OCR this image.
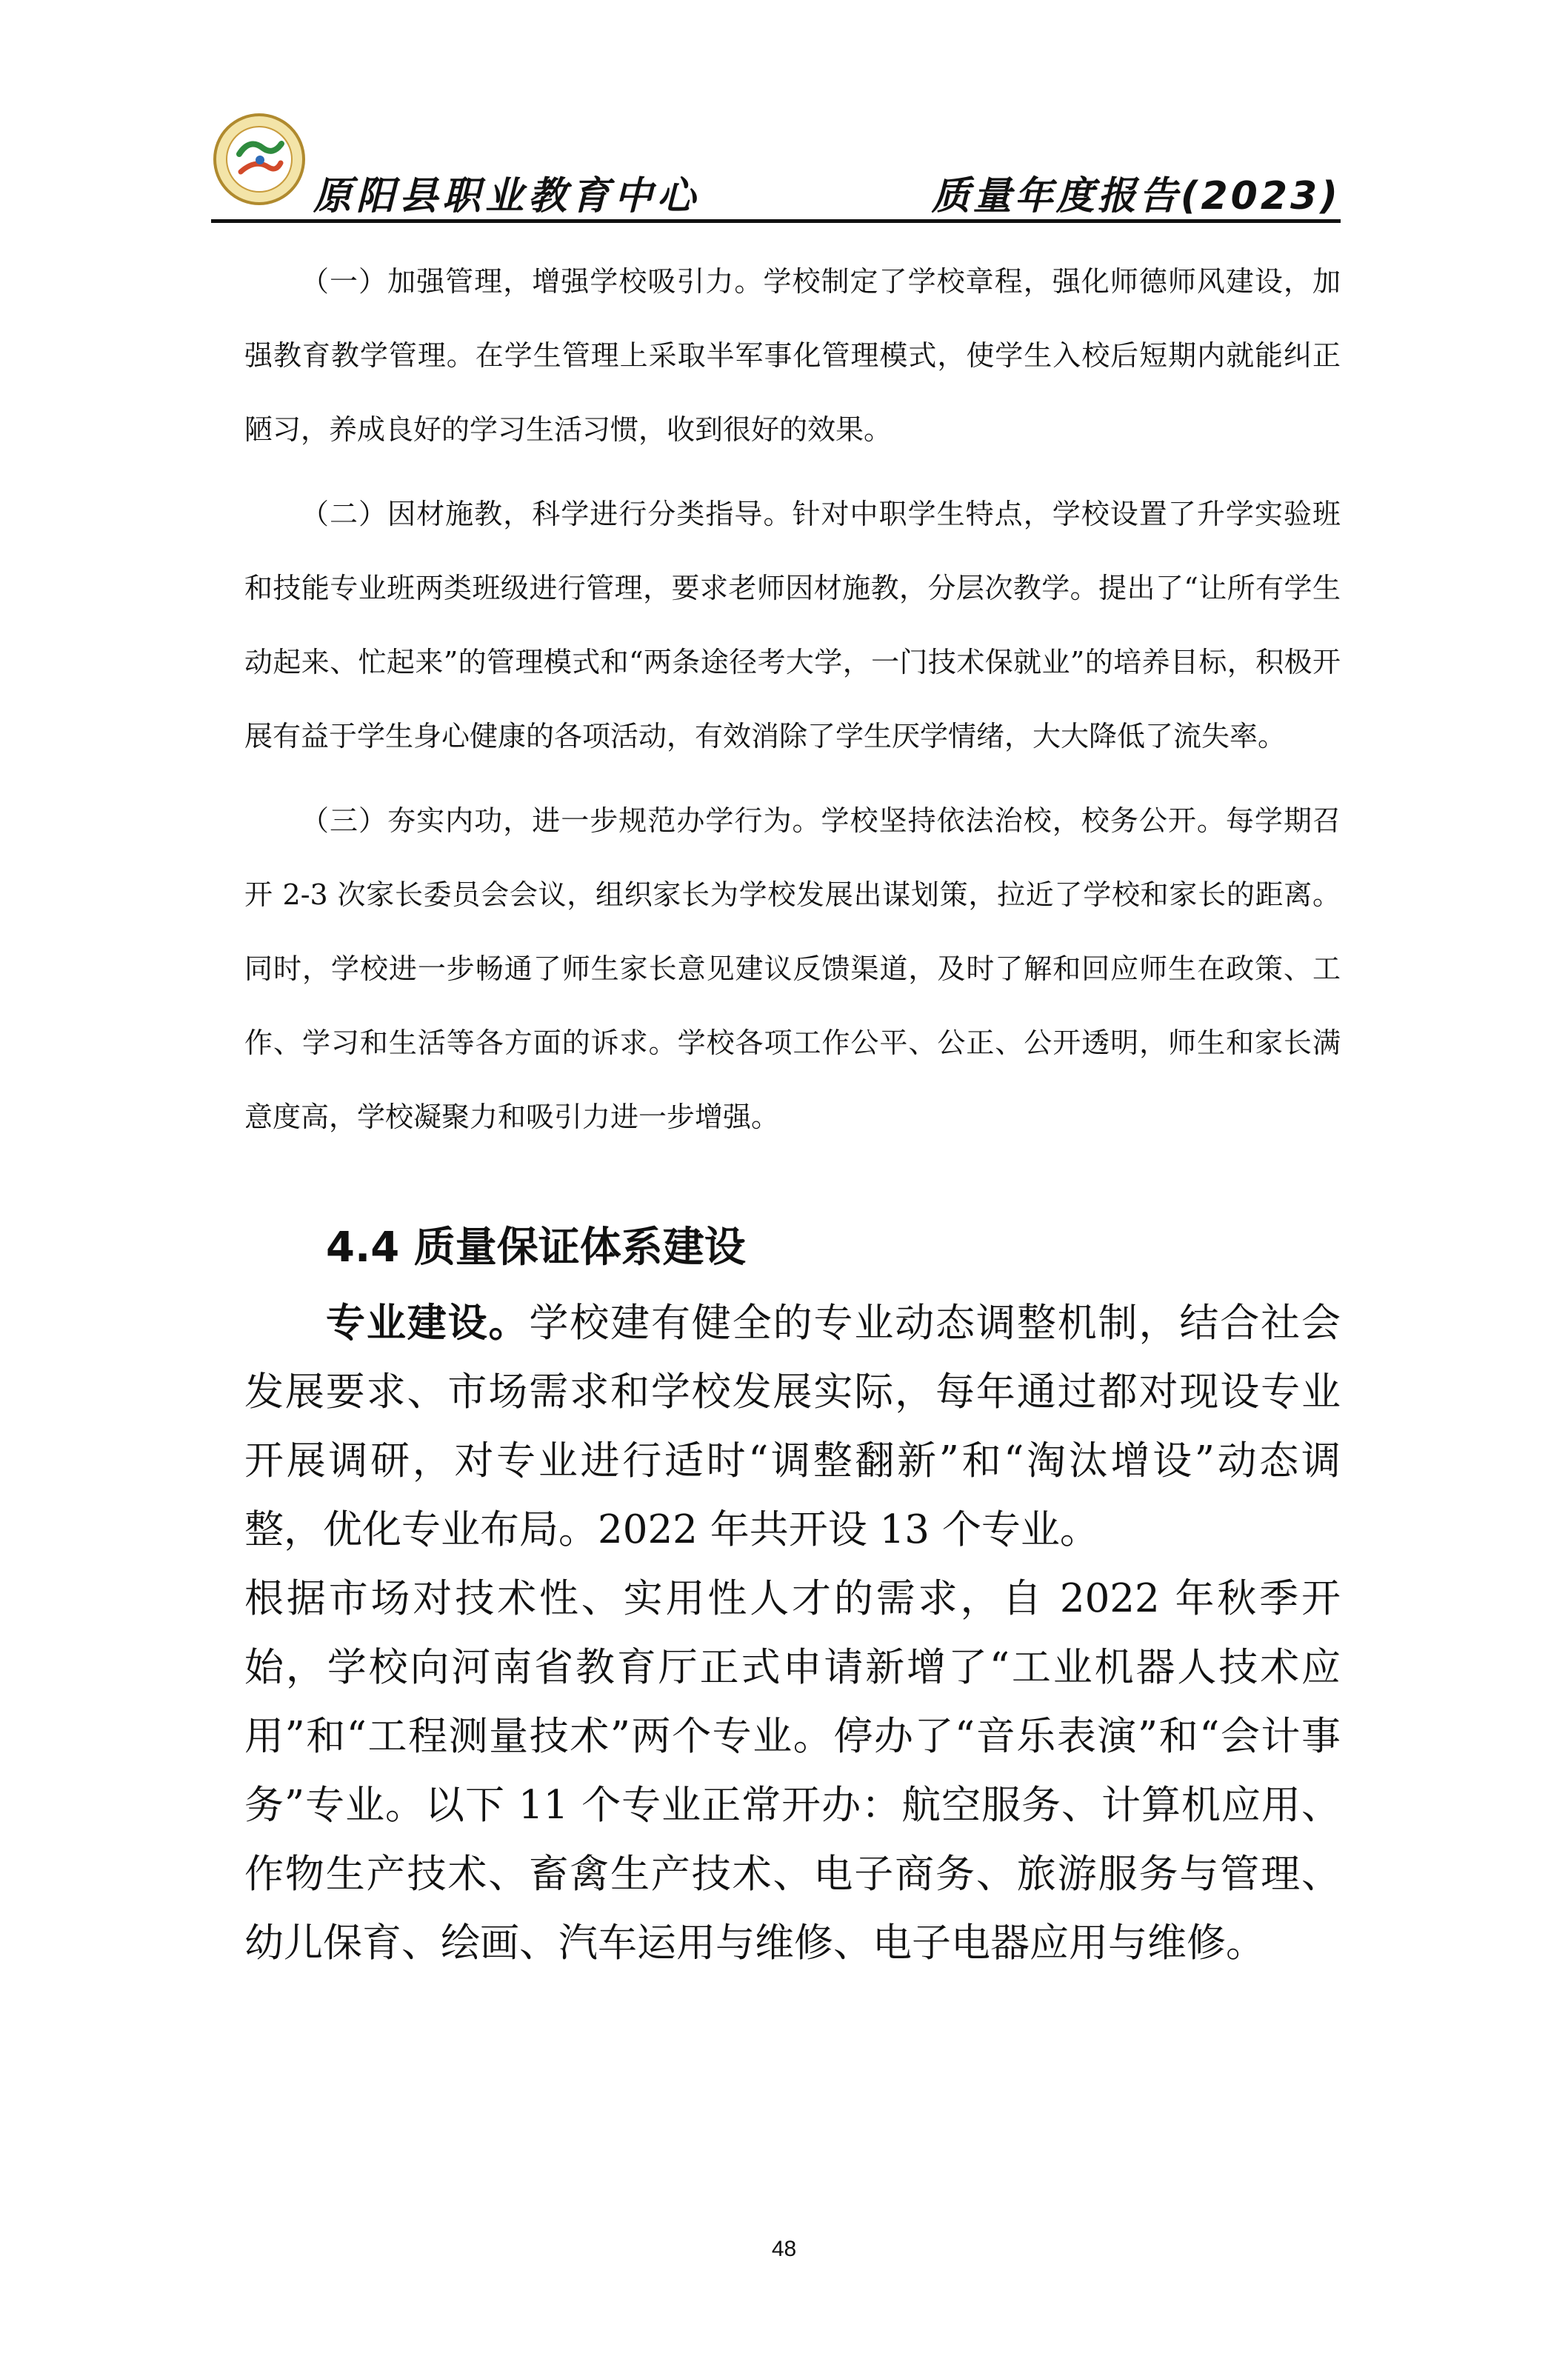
原阳县职业教育中心	质量年度报告(2023)

（一）加强管理，增强学校吸引力。学校制定了学校章程，强化师德师风建设，加强教育教学管理。在学生管理上采取半军事化管理模式，使学生入校后短期内就能纠正陋习，养成良好的学习生活习惯，收到很好的效果。

（二）因材施教，科学进行分类指导。针对中职学生特点，学校设置了升学实验班和技能专业班两类班级进行管理，要求老师因材施教，分层次教学。提出了“让所有学生动起来、忙起来”的管理模式和“两条途径考大学，一门技术保就业”的培养目标，积极开展有益于学生身心健康的各项活动，有效消除了学生厌学情绪，大大降低了流失率。

（三）夯实内功，进一步规范办学行为。学校坚持依法治校，校务公开。每学期召开 2-3 次家长委员会会议，组织家长为学校发展出谋划策，拉近了学校和家长的距离。同时，学校进一步畅通了师生家长意见建议反馈渠道，及时了解和回应师生在政策、工作、学习和生活等各方面的诉求。学校各项工作公平、公正、公开透明，师生和家长满意度高，学校凝聚力和吸引力进一步增强。

4.4 质量保证体系建设

专业建设。学校建有健全的专业动态调整机制，结合社会发展要求、市场需求和学校发展实际，每年通过都对现设专业开展调研，对专业进行适时“调整翻新”和“淘汰增设”动态调整，优化专业布局。2022 年共开设 13 个专业。

根据市场对技术性、实用性人才的需求，自 2022 年秋季开始，学校向河南省教育厅正式申请新增了“工业机器人技术应用”和“工程测量技术”两个专业。停办了“音乐表演”和“会计事务”专业。以下 11 个专业正常开办：航空服务、计算机应用、 作物生产技术、畜禽生产技术、电子商务、旅游服务与管理、幼儿保育、绘画、汽车运用与维修、电子电器应用与维修。

48
